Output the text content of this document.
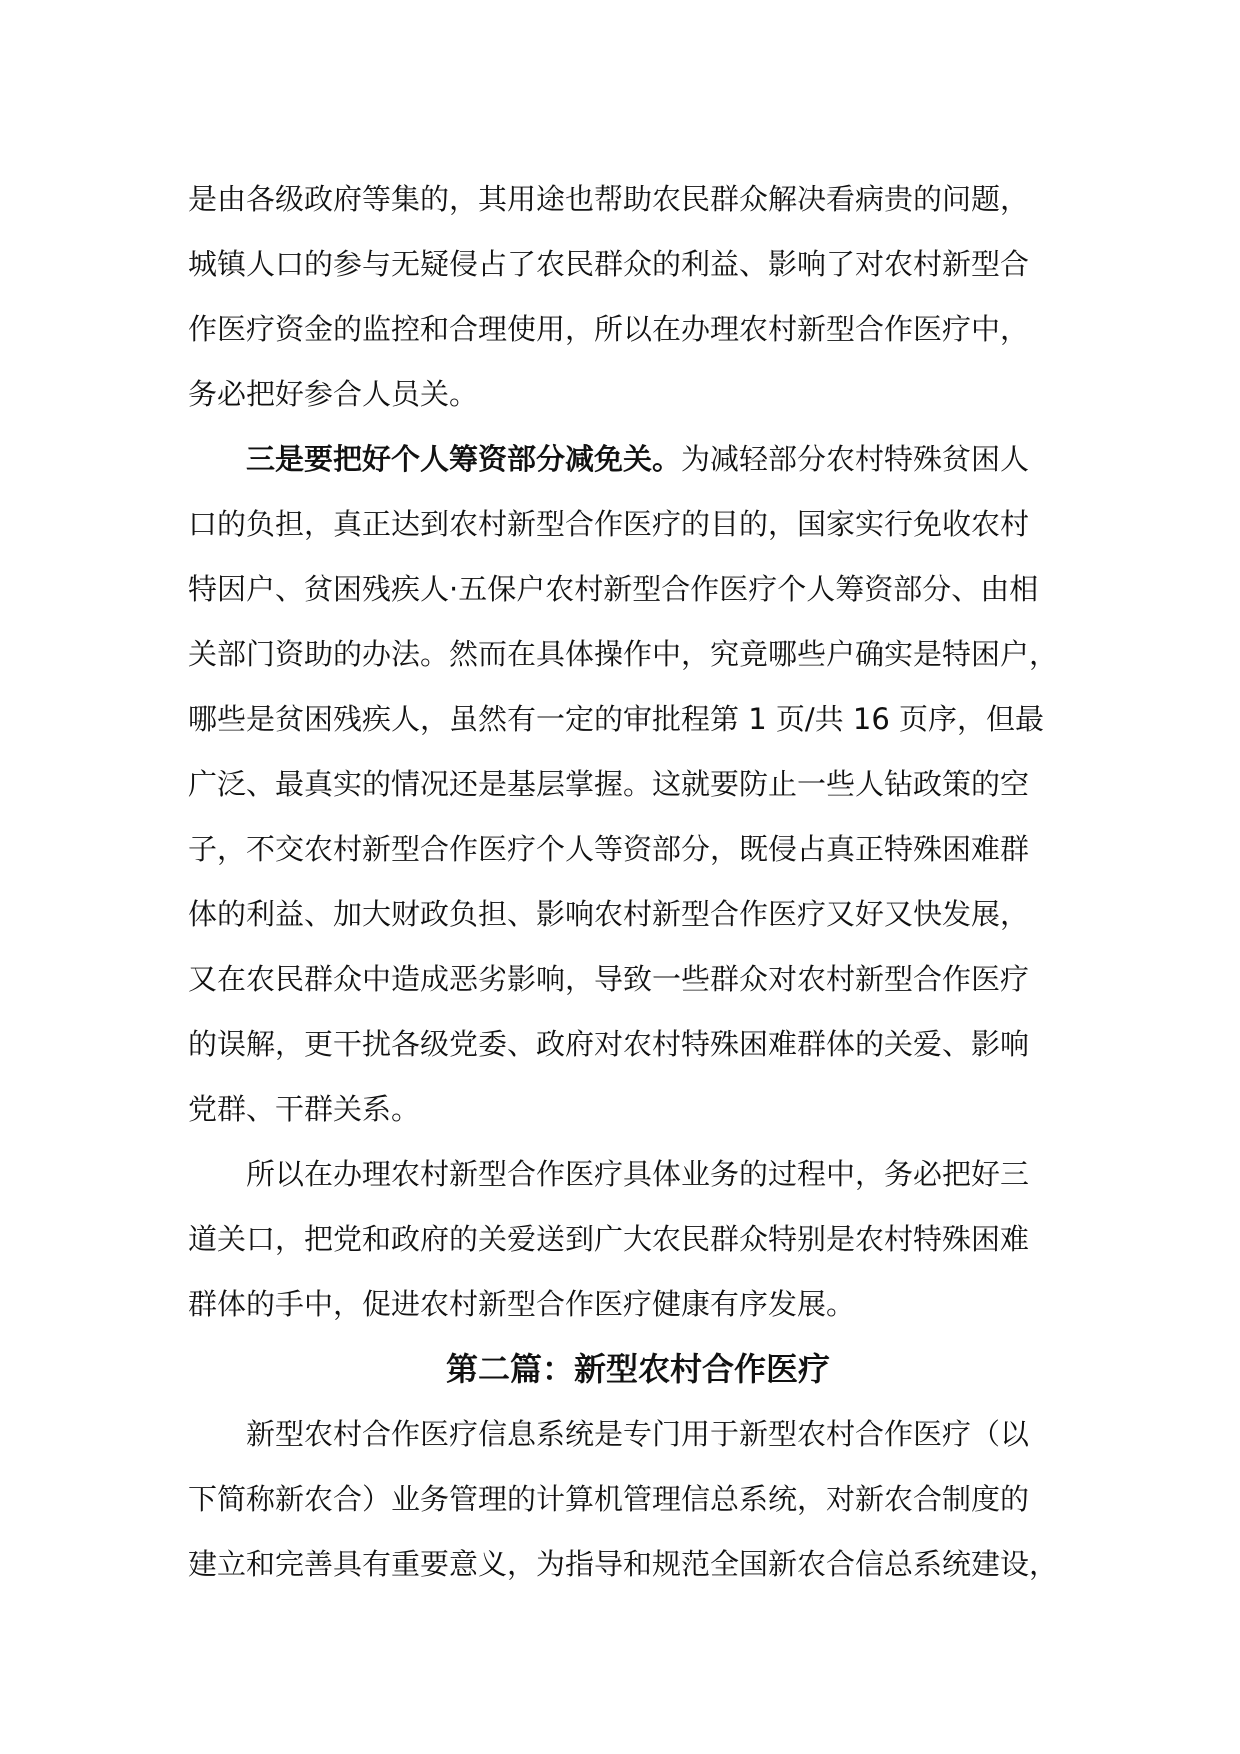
是由各级政府等集的，其用途也帮助农民群众解决看病贵的问题，
城镇人口的参与无疑侵占了农民群众的利益、影响了对农村新型合
作医疗资金的监控和合理使用，所以在办理农村新型合作医疗中，
务必把好参合人员关。
三是要把好个人筹资部分减免关。为减轻部分农村特殊贫困人
口的负担，真正达到农村新型合作医疗的目的，国家实行免收农村
特因户、贫困残疾人·五保户农村新型合作医疗个人筹资部分、由相
关部门资助的办法。然而在具体操作中，究竟哪些户确实是特困户，
哪些是贫困残疾人，虽然有一定的审批程第 1 页/共 16 页序，但最
广泛、最真实的情况还是基层掌握。这就要防止一些人钻政策的空
子，不交农村新型合作医疗个人等资部分，既侵占真正特殊困难群
体的利益、加大财政负担、影响农村新型合作医疗又好又快发展，
又在农民群众中造成恶劣影响，导致一些群众对农村新型合作医疗
的误解，更干扰各级党委、政府对农村特殊困难群体的关爱、影响
党群、干群关系。
所以在办理农村新型合作医疗具体业务的过程中，务必把好三
道关口，把党和政府的关爱送到广大农民群众特别是农村特殊困难
群体的手中，促进农村新型合作医疗健康有序发展。
第二篇：新型农村合作医疗
新型农村合作医疗信息系统是专门用于新型农村合作医疗（以
下简称新农合）业务管理的计算机管理信总系统，对新农合制度的
建立和完善具有重要意义，为指导和规范全国新农合信总系统建设，
